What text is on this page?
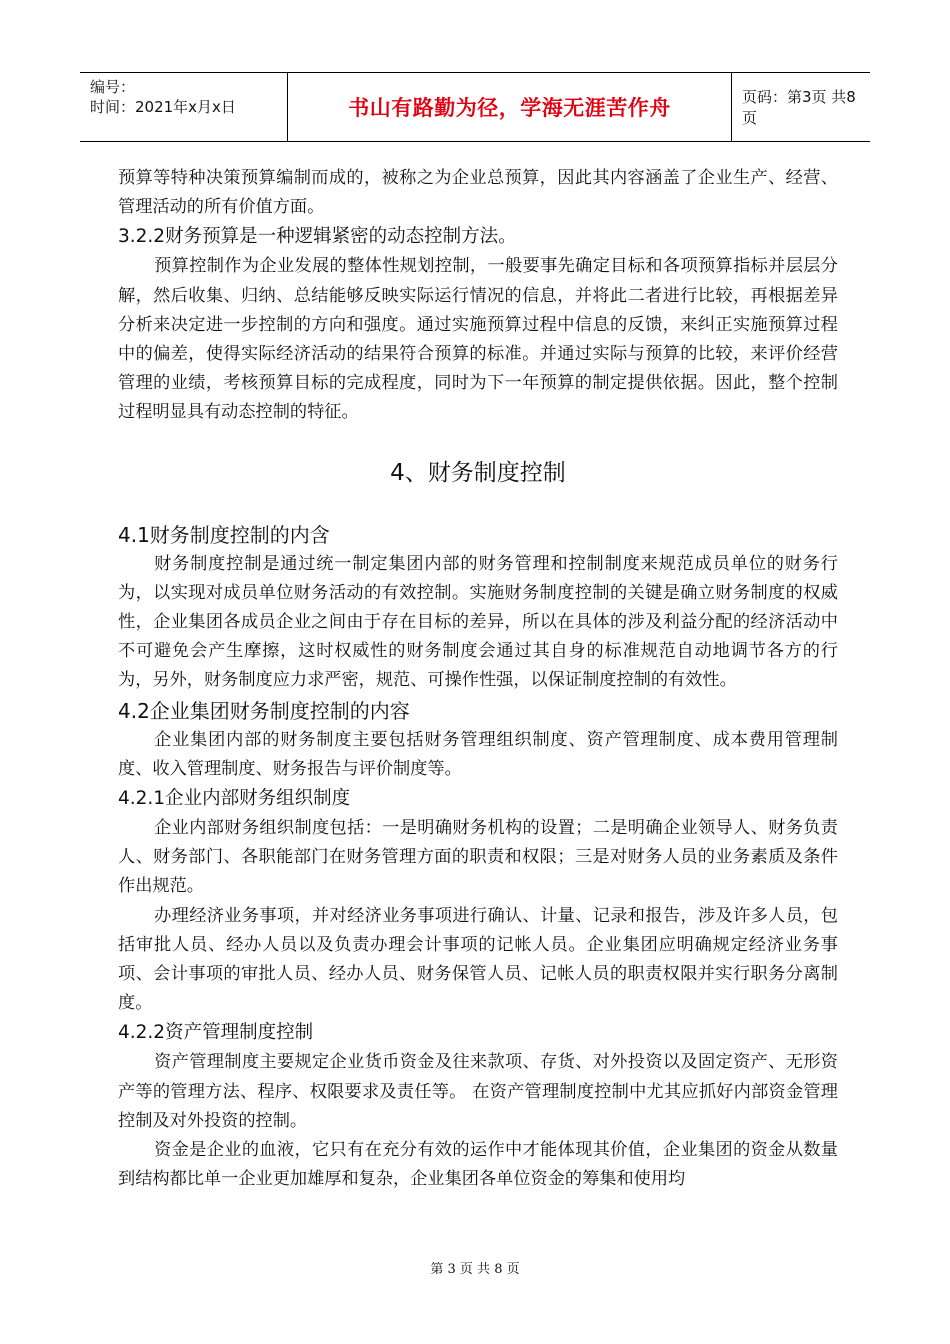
编号：
时间：2021年x月x日	书山有路勤为径，学海无涯苦作舟	页码：第3页 共8页

预算等特种决策预算编制而成的，被称之为企业总预算，因此其内容涵盖了企业生产、经营、管理活动的所有价值方面。

3.2.2财务预算是一种逻辑紧密的动态控制方法。

预算控制作为企业发展的整体性规划控制，一般要事先确定目标和各项预算指标并层层分解，然后收集、归纳、总结能够反映实际运行情况的信息，并将此二者进行比较，再根据差异分析来决定进一步控制的方向和强度。通过实施预算过程中信息的反馈，来纠正实施预算过程中的偏差，使得实际经济活动的结果符合预算的标准。并通过实际与预算的比较，来评价经营管理的业绩，考核预算目标的完成程度，同时为下一年预算的制定提供依据。因此，整个控制过程明显具有动态控制的特征。

4、财务制度控制
4.1财务制度控制的内含

财务制度控制是通过统一制定集团内部的财务管理和控制制度来规范成员单位的财务行为，以实现对成员单位财务活动的有效控制。实施财务制度控制的关键是确立财务制度的权威性，企业集团各成员企业之间由于存在目标的差异，所以在具体的涉及利益分配的经济活动中不可避免会产生摩擦，这时权威性的财务制度会通过其自身的标准规范自动地调节各方的行为，另外，财务制度应力求严密，规范、可操作性强，以保证制度控制的有效性。

4.2企业集团财务制度控制的内容

企业集团内部的财务制度主要包括财务管理组织制度、资产管理制度、成本费用管理制度、收入管理制度、财务报告与评价制度等。

4.2.1企业内部财务组织制度

企业内部财务组织制度包括：一是明确财务机构的设置；二是明确企业领导人、财务负责人、财务部门、各职能部门在财务管理方面的职责和权限；三是对财务人员的业务素质及条件作出规范。

办理经济业务事项，并对经济业务事项进行确认、计量、记录和报告，涉及许多人员，包括审批人员、经办人员以及负责办理会计事项的记帐人员。企业集团应明确规定经济业务事项、会计事项的审批人员、经办人员、财务保管人员、记帐人员的职责权限并实行职务分离制度。

4.2.2资产管理制度控制

资产管理制度主要规定企业货币资金及往来款项、存货、对外投资以及固定资产、无形资产等的管理方法、程序、权限要求及责任等。 在资产管理制度控制中尤其应抓好内部资金管理控制及对外投资的控制。

资金是企业的血液，它只有在充分有效的运作中才能体现其价值，企业集团的资金从数量到结构都比单一企业更加雄厚和复杂，企业集团各单位资金的筹集和使用均

第 3 页 共 8 页
